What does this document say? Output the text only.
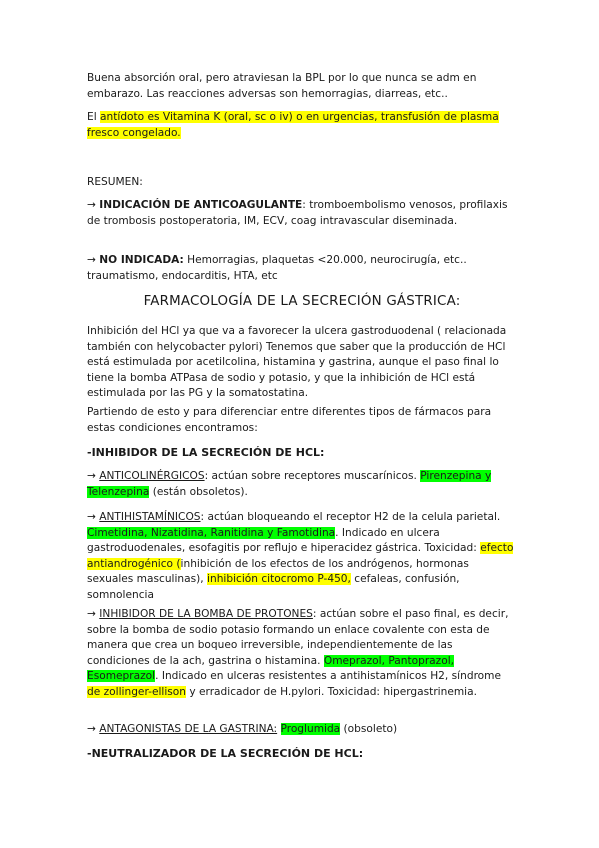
Buena absorción oral, pero atraviesan la BPL por lo que nunca se adm en embarazo. Las reacciones adversas son hemorragias, diarreas, etc..

El antídoto es Vitamina K (oral, sc o iv) o en urgencias, transfusión de plasma fresco congelado.

RESUMEN:

→ INDICACIÓN DE ANTICOAGULANTE: tromboembolismo venosos, profilaxis de trombosis postoperatoria, IM, ECV, coag intravascular diseminada.

→ NO INDICADA: Hemorragias, plaquetas <20.000, neurocirugía, etc.. traumatismo, endocarditis, HTA, etc

FARMACOLOGÍA DE LA SECRECIÓN GÁSTRICA:

Inhibición del HCl ya que va a favorecer la ulcera gastroduodenal ( relacionada también con helycobacter pylori) Tenemos que saber que la producción de HCl está estimulada por acetilcolina, histamina y gastrina, aunque el paso final lo tiene la bomba ATPasa de sodio y potasio, y que la inhibición de HCl está estimulada por las PG y la somatostatina.

Partiendo de esto y para diferenciar entre diferentes tipos de fármacos para estas condiciones encontramos:

-INHIBIDOR DE LA SECRECIÓN DE HCL:

→ ANTICOLINÉRGICOS: actúan sobre receptores muscarínicos. Pirenzepina y Telenzepina (están obsoletos).

→ ANTIHISTAMÍNICOS: actúan bloqueando el receptor H2 de la celula parietal. Cimetidina, Nizatidina, Ranitidina y Famotidina. Indicado en ulcera gastroduodenales, esofagitis por reflujo e hiperacidez gástrica. Toxicidad: efecto antiandrogénico (inhibición de los efectos de los andrógenos, hormonas sexuales masculinas), inhibición citocromo P-450, cefaleas, confusión, somnolencia

→ INHIBIDOR DE LA BOMBA DE PROTONES: actúan sobre el paso final, es decir, sobre la bomba de sodio potasio formando un enlace covalente con esta de manera que crea un boqueo irreversible, independientemente de las condiciones de la ach, gastrina o histamina. Omeprazol, Pantoprazol, Esomeprazol. Indicado en ulceras resistentes a antihistamínicos H2, síndrome de zollinger-ellison y erradicador de H.pylori. Toxicidad: hipergastrinemia.

→ ANTAGONISTAS DE LA GASTRINA: Proglumida (obsoleto)

-NEUTRALIZADOR DE LA SECRECIÓN DE HCL:
